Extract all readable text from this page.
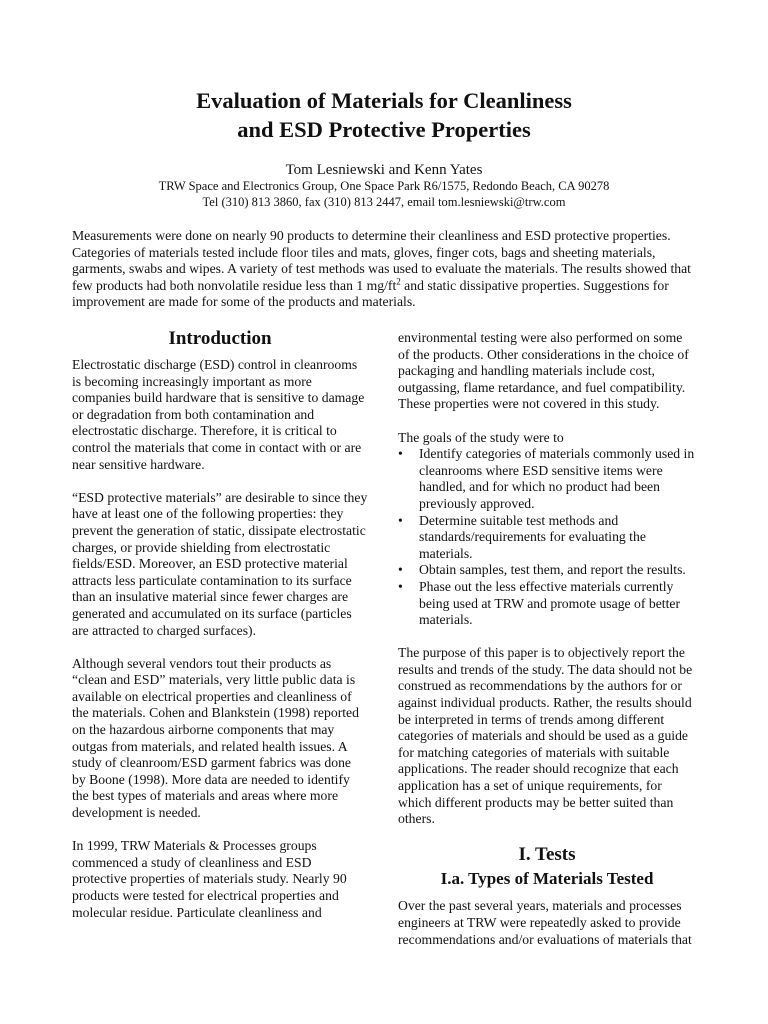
Evaluation of Materials for Cleanliness
and ESD Protective Properties
Tom Lesniewski and Kenn Yates
TRW Space and Electronics Group, One Space Park R6/1575, Redondo Beach, CA 90278
Tel (310) 813 3860, fax (310) 813 2447, email tom.lesniewski@trw.com
Measurements were done on nearly 90 products to determine their cleanliness and ESD protective properties. Categories of materials tested include floor tiles and mats, gloves, finger cots, bags and sheeting materials, garments, swabs and wipes. A variety of test methods was used to evaluate the materials. The results showed that few products had both nonvolatile residue less than 1 $mg/ft^2$ and static dissipative properties. Suggestions for improvement are made for some of the products and materials.
Introduction

Electrostatic discharge (ESD) control in cleanrooms is becoming increasingly important as more companies build hardware that is sensitive to damage or degradation from both contamination and electrostatic discharge. Therefore, it is critical to control the materials that come in contact with or are near sensitive hardware.

“ESD protective materials” are desirable to since they have at least one of the following properties: they prevent the generation of static, dissipate electrostatic charges, or provide shielding from electrostatic fields/ESD. Moreover, an ESD protective material attracts less particulate contamination to its surface than an insulative material since fewer charges are generated and accumulated on its surface (particles are attracted to charged surfaces).

Although several vendors tout their products as “clean and ESD” materials, very little public data is available on electrical properties and cleanliness of the materials. Cohen and Blankstein (1998) reported on the hazardous airborne components that may outgas from materials, and related health issues. A study of cleanroom/ESD garment fabrics was done by Boone (1998). More data are needed to identify the best types of materials and areas where more development is needed.

In 1999, TRW Materials & Processes groups commenced a study of cleanliness and ESD protective properties of materials study. Nearly 90 products were tested for electrical properties and molecular residue. Particulate cleanliness and

environmental testing were also performed on some of the products. Other considerations in the choice of packaging and handling materials include cost, outgassing, flame retardance, and fuel compatibility. These properties were not covered in this study.

The goals of the study were to
•	Identify categories of materials commonly used in cleanrooms where ESD sensitive items were handled, and for which no product had been previously approved.
•	Determine suitable test methods and standards/requirements for evaluating the materials.
•	Obtain samples, test them, and report the results.
•	Phase out the less effective materials currently being used at TRW and promote usage of better materials.

The purpose of this paper is to objectively report the results and trends of the study. The data should not be construed as recommendations by the authors for or against individual products. Rather, the results should be interpreted in terms of trends among different categories of materials and should be used as a guide for matching categories of materials with suitable applications. The reader should recognize that each application has a set of unique requirements, for which different products may be better suited than others.

I. Tests
I.a. Types of Materials Tested

Over the past several years, materials and processes engineers at TRW were repeatedly asked to provide recommendations and/or evaluations of materials that
